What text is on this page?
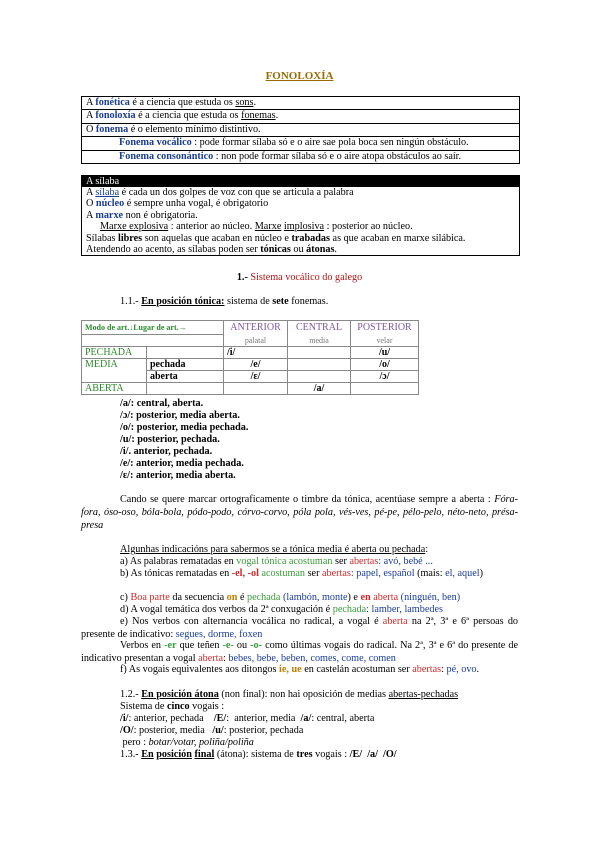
FONOLOXÍA
A fonética é a ciencia que estuda os sons.
A fonoloxía é a ciencia que estuda os fonemas.
O fonema é o elemento mínimo distintivo.
Fonema vocálico : pode formar sílaba só e o aire sae pola boca sen ningún obstáculo.
Fonema consonántico : non pode formar sílaba só e o aire atopa obstáculos ao saír.
A sílaba
A sílaba é cada un dos golpes de voz con que se articula a palabra
O núcleo é sempre unha vogal, é obrigatorio
A marxe non é obrigatoria.
Marxe explosiva : anterior ao núcleo. Marxe implosiva : posterior ao núcleo.
Sílabas libres son aquelas que acaban en núcleo e trabadas as que acaban en marxe silábica.
Atendendo ao acento, as sílabas poden ser tónicas ou átonas.
1.- Sistema vocálico do galego
1.1.- En posición tónica: sistema de sete fonemas.
Modo de art.↓Lugar de art.→		ANTERIOR	CENTRAL	POSTERIOR
		palatal	media	velar
PECHADA		/i/		/u/
MEDIA	pechada	/e/		/o/
	aberta	/ɛ/		/ɔ/
ABERTA			/a/	
/a/: central, aberta.
/ɔ/: posterior, media aberta.
/o/: posterior, media pechada.
/u/: posterior, pechada.
/i/. anterior, pechada.
/e/: anterior, media pechada.
/ɛ/: anterior, media aberta.
Cando se quere marcar ortograficamente o timbre da tónica, acentúase sempre a aberta : Fóra-fora, óso-oso, bóla-bola, pódo-podo, córvo-corvo, póla pola, vés-ves, pé-pe, pélo-pelo, néto-neto, présa-presa
Algunhas indicacións para sabermos se a tónica media é aberta ou pechada:
a) As palabras rematadas en vogal tónica acostuman ser abertas: avó, bebé ...
b) As tónicas rematadas en -el, -ol acostuman ser abertas: papel, español (mais: el, aquel)
c) Boa parte da secuencia on é pechada (lambón, monte) e en aberta (ninguén, ben)
d) A vogal temática dos verbos da 2ª conxugación é pechada: lamber, lambedes
e) Nos verbos con alternancia vocálica no radical, a vogal é aberta na 2ª, 3ª e 6ª persoas do presente de indicativo: segues, dorme, foxen
Verbos en -er que teñen -e- ou -o- como últimas vogais do radical. Na 2ª, 3ª e 6ª do presente de indicativo presentan a vogal aberta: bebes, bebe, beben, comes, come, comen
f) As vogais equivalentes aos ditongos ie, ue en castelán acostuman ser abertas: pé, ovo.
1.2.- En posición átona (non final): non hai oposición de medias abertas-pechadas
Sistema de cinco vogais :
/i/: anterior, pechada    /E/:  anterior, media  /a/: central, aberta
/O/: posterior, media   /u/: posterior, pechada
pero : botar/votar, poliña/poliña
1.3.- En posición final (átona): sistema de tres vogais : /E/  /a/  /O/
